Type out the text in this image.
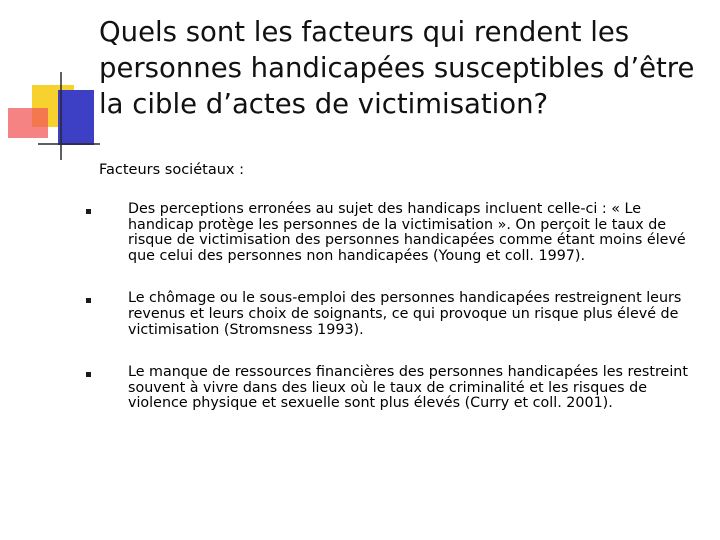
Quels sont les facteurs qui rendent les personnes handicapées susceptibles d’être la cible d’actes de victimisation?

Facteurs sociétaux :

Des perceptions erronées au sujet des handicaps incluent celle-ci : « Le handicap protège les personnes de la victimisation ». On perçoit le taux de risque de victimisation des personnes handicapées comme étant moins élevé que celui des personnes non handicapées (Young et coll. 1997).
Le chômage ou le sous-emploi des personnes handicapées restreignent leurs revenus et leurs choix de soignants, ce qui provoque un risque plus élevé de victimisation (Stromsness 1993).
Le manque de ressources financières des personnes handicapées les restreint souvent à vivre dans des lieux où le taux de criminalité et les risques de violence physique et sexuelle sont plus élevés (Curry et coll. 2001).
